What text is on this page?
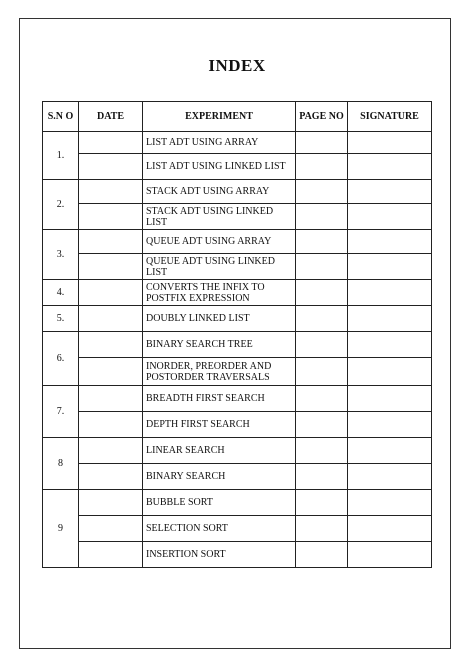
INDEX
S.N O	DATE	EXPERIMENT	PAGE NO	SIGNATURE
1.		LIST ADT USING ARRAY		
		LIST ADT USING LINKED LIST		
2.		STACK ADT USING ARRAY		
		STACK ADT USING LINKED LIST		
3.		QUEUE ADT USING ARRAY		
		QUEUE ADT USING LINKED LIST		
4.		CONVERTS THE INFIX TO POSTFIX EXPRESSION		
5.		DOUBLY LINKED LIST		
6.		BINARY SEARCH TREE		
		INORDER, PREORDER AND POSTORDER TRAVERSALS		
7.		BREADTH FIRST SEARCH		
		DEPTH FIRST SEARCH		
8		LINEAR SEARCH		
		BINARY SEARCH		
9		BUBBLE SORT		
		SELECTION SORT		
		INSERTION SORT		
